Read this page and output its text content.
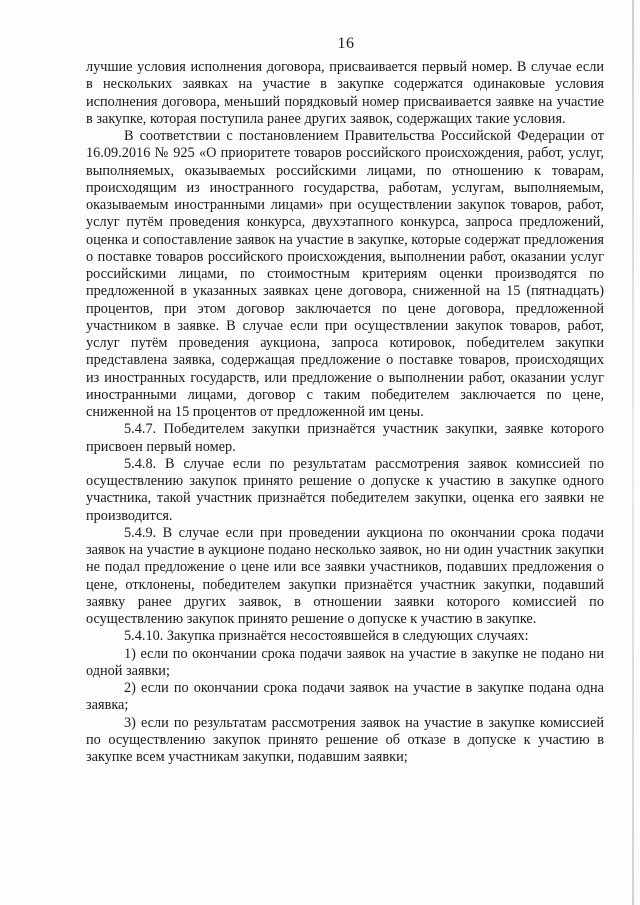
16

лучшие условия исполнения договора, присваивается первый номер. В случае если в нескольких заявках на участие в закупке содержатся одинаковые условия исполнения договора, меньший порядковый номер присваивается заявке на участие в закупке, которая поступила ранее других заявок, содержащих такие условия.

В соответствии с постановлением Правительства Российской Федерации от 16.09.2016 № 925 «О приоритете товаров российского происхождения, работ, услуг, выполняемых, оказываемых российскими лицами, по отношению к товарам, происходящим из иностранного государства, работам, услугам, выполняемым, оказываемым иностранными лицами» при осуществлении закупок товаров, работ, услуг путём проведения конкурса, двухэтапного конкурса, запроса предложений, оценка и сопоставление заявок на участие в закупке, которые содержат предложения о поставке товаров российского происхождения, выполнении работ, оказании услуг российскими лицами, по стоимостным критериям оценки производятся по предложенной в указанных заявках цене договора, сниженной на 15 (пятнадцать) процентов, при этом договор заключается по цене договора, предложенной участником в заявке. В случае если при осуществлении закупок товаров, работ, услуг путём проведения аукциона, запроса котировок, победителем закупки представлена заявка, содержащая предложение о поставке товаров, происходящих из иностранных государств, или предложение о выполнении работ, оказании услуг иностранными лицами, договор с таким победителем заключается по цене, сниженной на 15 процентов от предложенной им цены.

5.4.7. Победителем закупки признаётся участник закупки, заявке которого присвоен первый номер.

5.4.8. В случае если по результатам рассмотрения заявок комиссией по осуществлению закупок принято решение о допуске к участию в закупке одного участника, такой участник признаётся победителем закупки, оценка его заявки не производится.

5.4.9. В случае если при проведении аукциона по окончании срока подачи заявок на участие в аукционе подано несколько заявок, но ни один участник закупки не подал предложение о цене или все заявки участников, подавших предложения о цене, отклонены, победителем закупки признаётся участник закупки, подавший заявку ранее других заявок, в отношении заявки которого комиссией по осуществлению закупок принято решение о допуске к участию в закупке.

5.4.10. Закупка признаётся несостоявшейся в следующих случаях:

1) если по окончании срока подачи заявок на участие в закупке не подано ни одной заявки;

2) если по окончании срока подачи заявок на участие в закупке подана одна заявка;

3) если по результатам рассмотрения заявок на участие в закупке комиссией по осуществлению закупок принято решение об отказе в допуске к участию в закупке всем участникам закупки, подавшим заявки;
